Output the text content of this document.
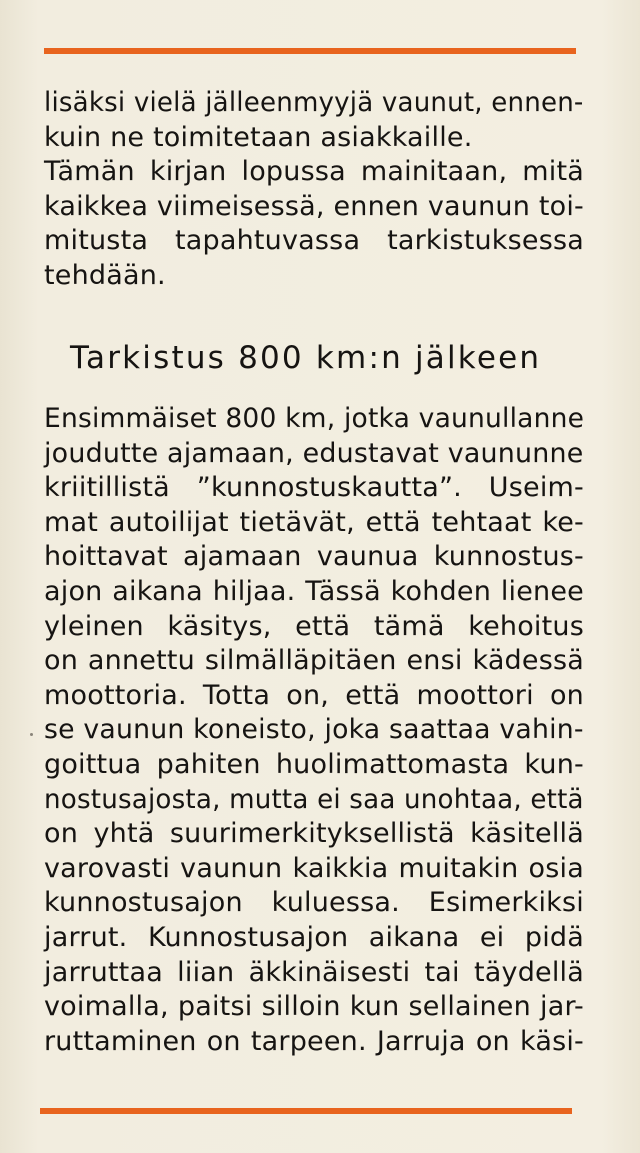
lisäksi vielä jälleenmyyjä vaunut, ennen-
kuin ne toimitetaan asiakkaille.
Tämän kirjan lopussa mainitaan, mitä
kaikkea viimeisessä, ennen vaunun toi-
mitusta tapahtuvassa tarkistuksessa
tehdään.
Tarkistus 800 km:n jälkeen
Ensimmäiset 800 km, jotka vaunullanne
joudutte ajamaan, edustavat vaununne
kriitillistä ”kunnostuskautta”. Useim-
mat autoilijat tietävät, että tehtaat ke-
hoittavat ajamaan vaunua kunnostus-
ajon aikana hiljaa. Tässä kohden lienee
yleinen käsitys, että tämä kehoitus
on annettu silmälläpitäen ensi kädessä
moottoria. Totta on, että moottori on
se vaunun koneisto, joka saattaa vahin-
goittua pahiten huolimattomasta kun-
nostusajosta, mutta ei saa unohtaa, että
on yhtä suurimerkityksellistä käsitellä
varovasti vaunun kaikkia muitakin osia
kunnostusajon kuluessa. Esimerkiksi
jarrut. Kunnostusajon aikana ei pidä
jarruttaa liian äkkinäisesti tai täydellä
voimalla, paitsi silloin kun sellainen jar-
ruttaminen on tarpeen. Jarruja on käsi-
